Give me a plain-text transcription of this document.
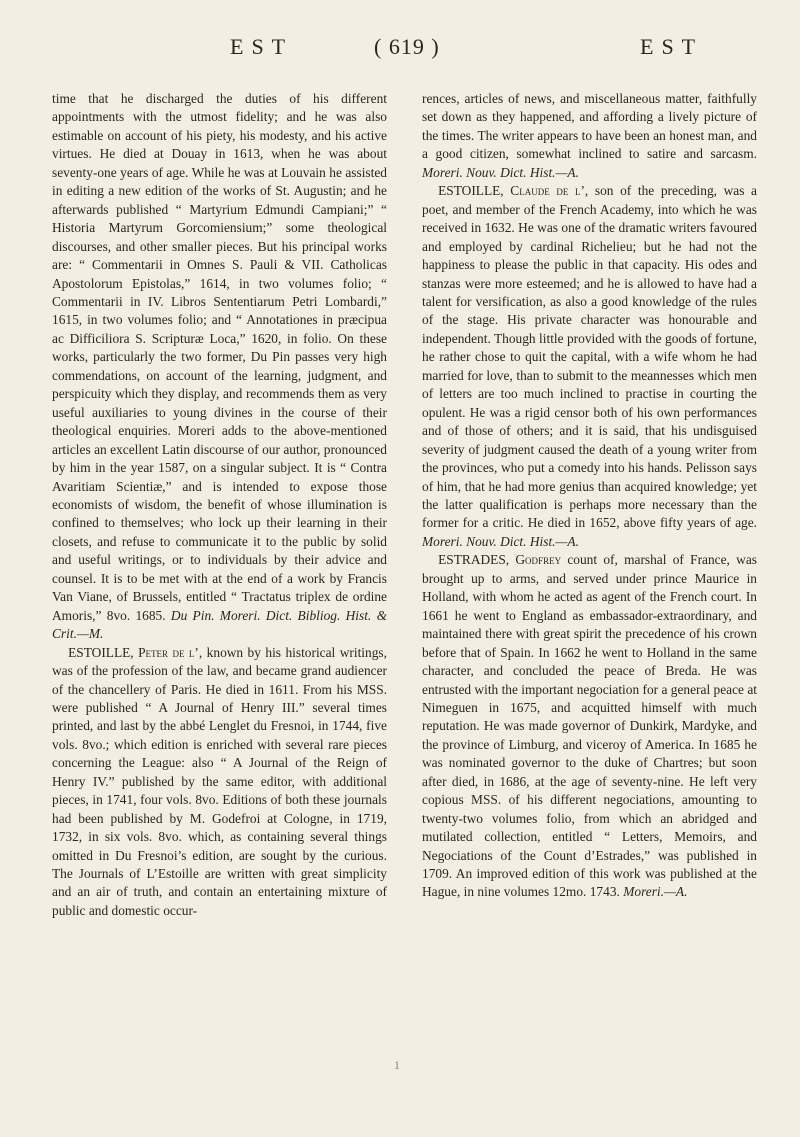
EST	( 619 )	EST

time that he discharged the duties of his different appointments with the utmost fidelity; and he was also estimable on account of his piety, his modesty, and his active virtues. He died at Douay in 1613, when he was about seventy-one years of age. While he was at Louvain he assisted in editing a new edition of the works of St. Augustin; and he afterwards published “ Martyrium Edmundi Campiani;” “ Historia Martyrum Gorcomiensium;” some theological discourses, and other smaller pieces. But his principal works are: “ Commentarii in Omnes S. Pauli & VII. Catholicas Apostolorum Epistolas,” 1614, in two volumes folio; “ Commentarii in IV. Libros Sententiarum Petri Lombardi,” 1615, in two volumes folio; and “ Annotationes in præcipua ac Difficiliora S. Scripturæ Loca,” 1620, in folio. On these works, particularly the two former, Du Pin passes very high commendations, on account of the learning, judgment, and perspicuity which they display, and recommends them as very useful auxiliaries to young divines in the course of their theological enquiries. Moreri adds to the above-mentioned articles an excellent Latin discourse of our author, pronounced by him in the year 1587, on a singular subject. It is “ Contra Avaritiam Scientiæ,” and is intended to expose those economists of wisdom, the benefit of whose illumination is confined to themselves; who lock up their learning in their closets, and refuse to communicate it to the public by solid and useful writings, or to individuals by their advice and counsel. It is to be met with at the end of a work by Francis Van Viane, of Brussels, entitled “ Tractatus triplex de ordine Amoris,” 8vo. 1685. Du Pin. Moreri. Dict. Bibliog. Hist. & Crit.—M.

ESTOILLE, Peter de l’, known by his historical writings, was of the profession of the law, and became grand audiencer of the chancellery of Paris. He died in 1611. From his MSS. were published “ A Journal of Henry III.” several times printed, and last by the abbé Lenglet du Fresnoi, in 1744, five vols. 8vo.; which edition is enriched with several rare pieces concerning the League: also “ A Journal of the Reign of Henry IV.” published by the same editor, with additional pieces, in 1741, four vols. 8vo. Editions of both these journals had been published by M. Godefroi at Cologne, in 1719, 1732, in six vols. 8vo. which, as containing several things omitted in Du Fresnoi’s edition, are sought by the curious. The Journals of L’Estoille are written with great simplicity and an air of truth, and contain an entertaining mixture of public and domestic occur-

rences, articles of news, and miscellaneous matter, faithfully set down as they happened, and affording a lively picture of the times. The writer appears to have been an honest man, and a good citizen, somewhat inclined to satire and sarcasm. Moreri. Nouv. Dict. Hist.—A.

ESTOILLE, Claude de l’, son of the preceding, was a poet, and member of the French Academy, into which he was received in 1632. He was one of the dramatic writers favoured and employed by cardinal Richelieu; but he had not the happiness to please the public in that capacity. His odes and stanzas were more esteemed; and he is allowed to have had a talent for versification, as also a good knowledge of the rules of the stage. His private character was honourable and independent. Though little provided with the goods of fortune, he rather chose to quit the capital, with a wife whom he had married for love, than to submit to the meannesses which men of letters are too much inclined to practise in courting the opulent. He was a rigid censor both of his own performances and of those of others; and it is said, that his undisguised severity of judgment caused the death of a young writer from the provinces, who put a comedy into his hands. Pelisson says of him, that he had more genius than acquired knowledge; yet the latter qualification is perhaps more necessary than the former for a critic. He died in 1652, above fifty years of age. Moreri. Nouv. Dict. Hist.—A.

ESTRADES, Godfrey count of, marshal of France, was brought up to arms, and served under prince Maurice in Holland, with whom he acted as agent of the French court. In 1661 he went to England as embassador-extraordinary, and maintained there with great spirit the precedence of his crown before that of Spain. In 1662 he went to Holland in the same character, and concluded the peace of Breda. He was entrusted with the important negociation for a general peace at Nimeguen in 1675, and acquitted himself with much reputation. He was made governor of Dunkirk, Mardyke, and the province of Limburg, and viceroy of America. In 1685 he was nominated governor to the duke of Chartres; but soon after died, in 1686, at the age of seventy-nine. He left very copious MSS. of his different negociations, amounting to twenty-two volumes folio, from which an abridged and mutilated collection, entitled “ Letters, Memoirs, and Negociations of the Count d’Estrades,” was published in 1709. An improved edition of this work was published at the Hague, in nine volumes 12mo. 1743. Moreri.—A.

1
